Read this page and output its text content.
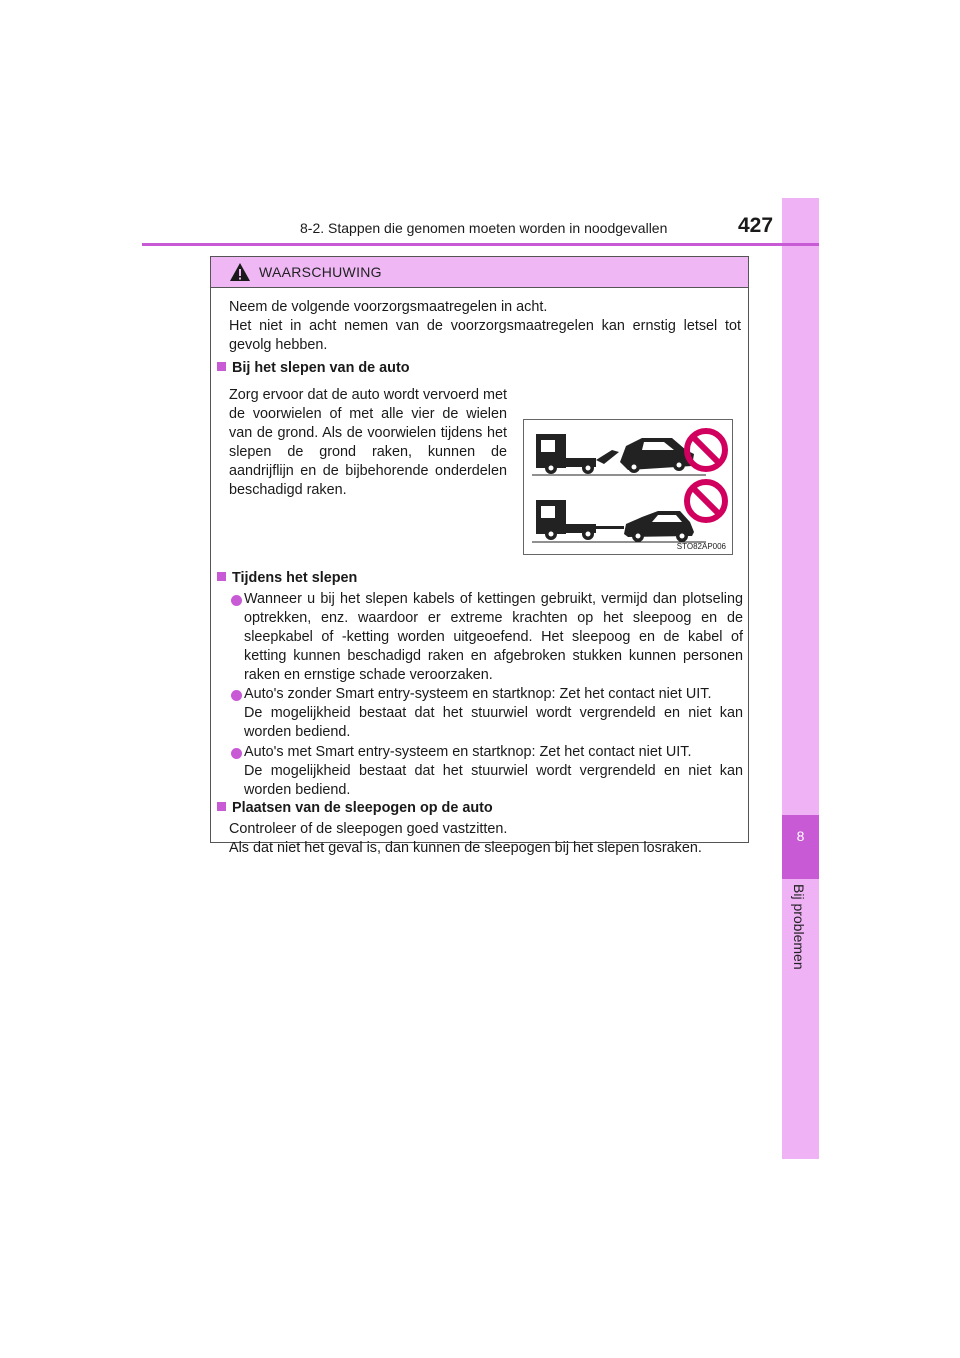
8
Bij problemen
8-2. Stappen die genomen moeten worden in noodgevallen	427
WAARSCHUWING
Neem de volgende voorzorgsmaatregelen in acht.
Het niet in acht nemen van de voorzorgsmaatregelen kan ernstig letsel tot gevolg hebben.
Bij het slepen van de auto
Zorg ervoor dat de auto wordt vervoerd met de voorwielen of met alle vier de wielen van de grond. Als de voorwielen tijdens het slepen de grond raken, kunnen de aandrijflijn en de bijbehorende onderdelen beschadigd raken.
STO82AP006
Tijdens het slepen
Wanneer u bij het slepen kabels of kettingen gebruikt, vermijd dan plotseling optrekken, enz. waardoor er extreme krachten op het sleepoog en de sleepkabel of -ketting worden uitgeoefend. Het sleepoog en de kabel of ketting kunnen beschadigd raken en afgebroken stukken kunnen personen raken en ernstige schade veroorzaken.
Auto's zonder Smart entry-systeem en startknop: Zet het contact niet UIT.
De mogelijkheid bestaat dat het stuurwiel wordt vergrendeld en niet kan worden bediend.
Auto's met Smart entry-systeem en startknop: Zet het contact niet UIT.
De mogelijkheid bestaat dat het stuurwiel wordt vergrendeld en niet kan worden bediend.
Plaatsen van de sleepogen op de auto
Controleer of de sleepogen goed vastzitten.
Als dat niet het geval is, dan kunnen de sleepogen bij het slepen losraken.
